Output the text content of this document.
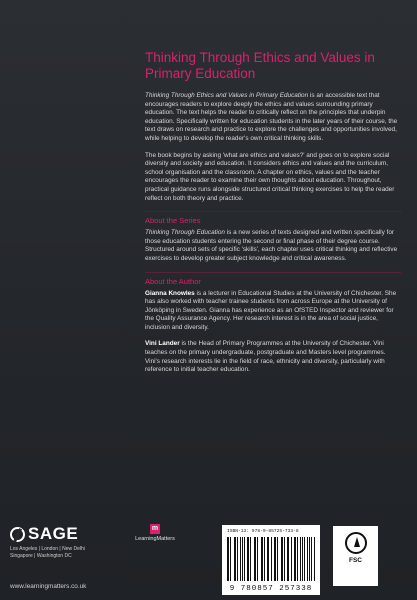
Thinking Through Ethics and Values in Primary Education

Thinking Through Ethics and Values in Primary Education is an accessible text that encourages readers to explore deeply the ethics and values surrounding primary education. The text helps the reader to critically reflect on the principles that underpin education. Specifically written for education students in the later years of their course, the text draws on research and practice to explore the challenges and opportunities involved, while helping to develop the reader's own critical thinking skills.

The book begins by asking 'what are ethics and values?' and goes on to explore social diversity and society and education. It considers ethics and values and the curriculum, school organisation and the classroom. A chapter on ethics, values and the teacher encourages the reader to examine their own thoughts about education. Throughout, practical guidance runs alongside structured critical thinking exercises to help the reader reflect on both theory and practice.

About the Series

Thinking Through Education is a new series of texts designed and written specifically for those education students entering the second or final phase of their degree course. Structured around sets of specific 'skills', each chapter uses critical thinking and reflective exercises to develop greater subject knowledge and critical awareness.

About the Author

Gianna Knowles is a lecturer in Educational Studies at the University of Chichester. She has also worked with teacher trainee students from across Europe at the University of Jönköping in Sweden. Gianna has experience as an OfSTED Inspector and reviewer for the Quality Assurance Agency. Her research interest is in the area of social justice, inclusion and diversity.

Vini Lander is the Head of Primary Programmes at the University of Chichester. Vini teaches on the primary undergraduate, postgraduate and Masters level programmes. Vini's research interests lie in the field of race, ethnicity and diversity, particularly with reference to initial teacher education.

SAGE
Los Angeles | London | New Delhi Singapore | Washington DC
m
LearningMatters
www.learningmatters.co.uk
ISBN-13: 978-0-85725-733-8
9 780857 257338
FSC
